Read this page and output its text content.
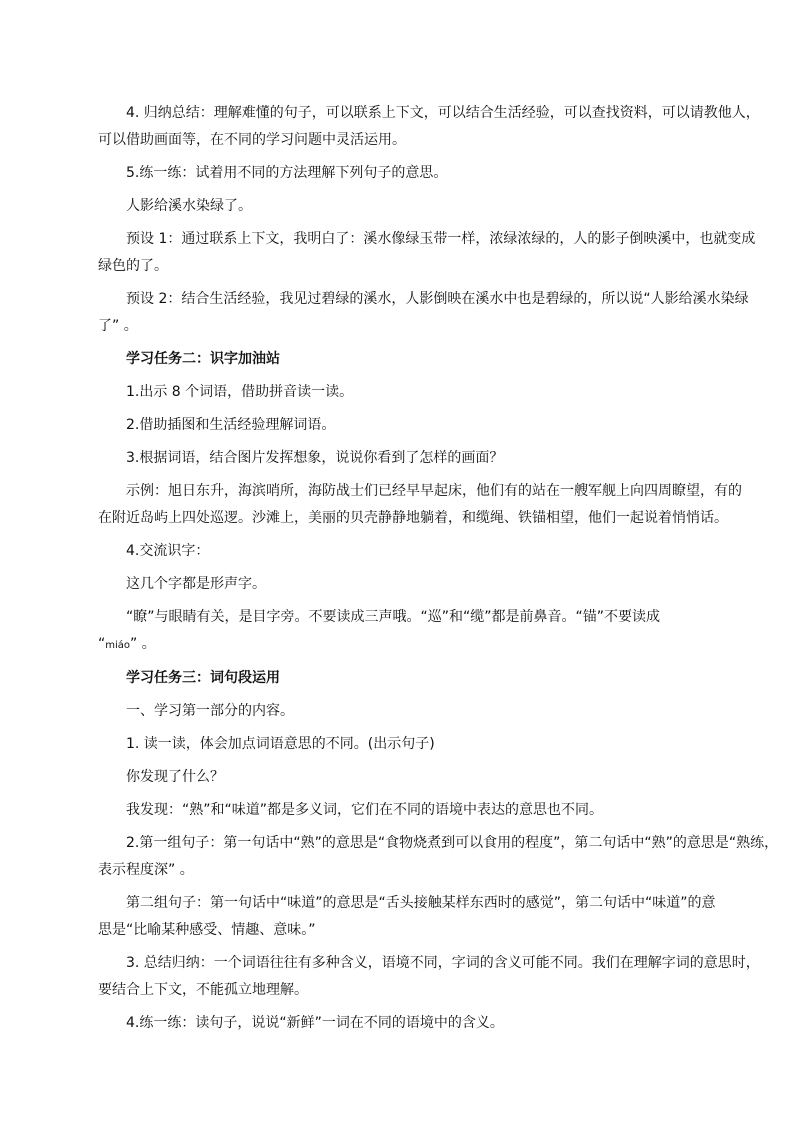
4. 归纳总结：理解难懂的句子，可以联系上下文，可以结合生活经验，可以查找资料，可以请教他人，

可以借助画面等，在不同的学习问题中灵活运用。

5.练一练：试着用不同的方法理解下列句子的意思。

人影给溪水染绿了。

预设 1：通过联系上下文，我明白了：溪水像绿玉带一样，浓绿浓绿的，人的影子倒映溪中，也就变成

绿色的了。

预设 2：结合生活经验，我见过碧绿的溪水，人影倒映在溪水中也是碧绿的，所以说“人影给溪水染绿

了” 。

学习任务二：识字加油站

1.出示 8 个词语，借助拼音读一读。

2.借助插图和生活经验理解词语。

3.根据词语，结合图片发挥想象，说说你看到了怎样的画面？

示例：旭日东升，海滨哨所，海防战士们已经早早起床，他们有的站在一艘军舰上向四周瞭望，有的

在附近岛屿上四处巡逻。沙滩上，美丽的贝壳静静地躺着，和缆绳、铁锚相望，他们一起说着悄悄话。

4.交流识字：

这几个字都是形声字。

“瞭”与眼睛有关，是目字旁。不要读成三声哦。“巡”和“缆”都是前鼻音。“锚”不要读成

“miáo” 。

学习任务三：词句段运用

一、学习第一部分的内容。

1. 读一读，体会加点词语意思的不同。(出示句子)

你发现了什么？

我发现：“熟”和“味道”都是多义词，它们在不同的语境中表达的意思也不同。

2.第一组句子：第一句话中“熟”的意思是“食物烧煮到可以食用的程度”，第二句话中“熟”的意思是“熟练，

表示程度深” 。

第二组句子：第一句话中“味道”的意思是“舌头接触某样东西时的感觉”，第二句话中“味道”的意

思是“比喻某种感受、情趣、意味。”

3. 总结归纳：一个词语往往有多种含义，语境不同，字词的含义可能不同。我们在理解字词的意思时，

要结合上下文，不能孤立地理解。

4.练一练：读句子，说说“新鲜”一词在不同的语境中的含义。
